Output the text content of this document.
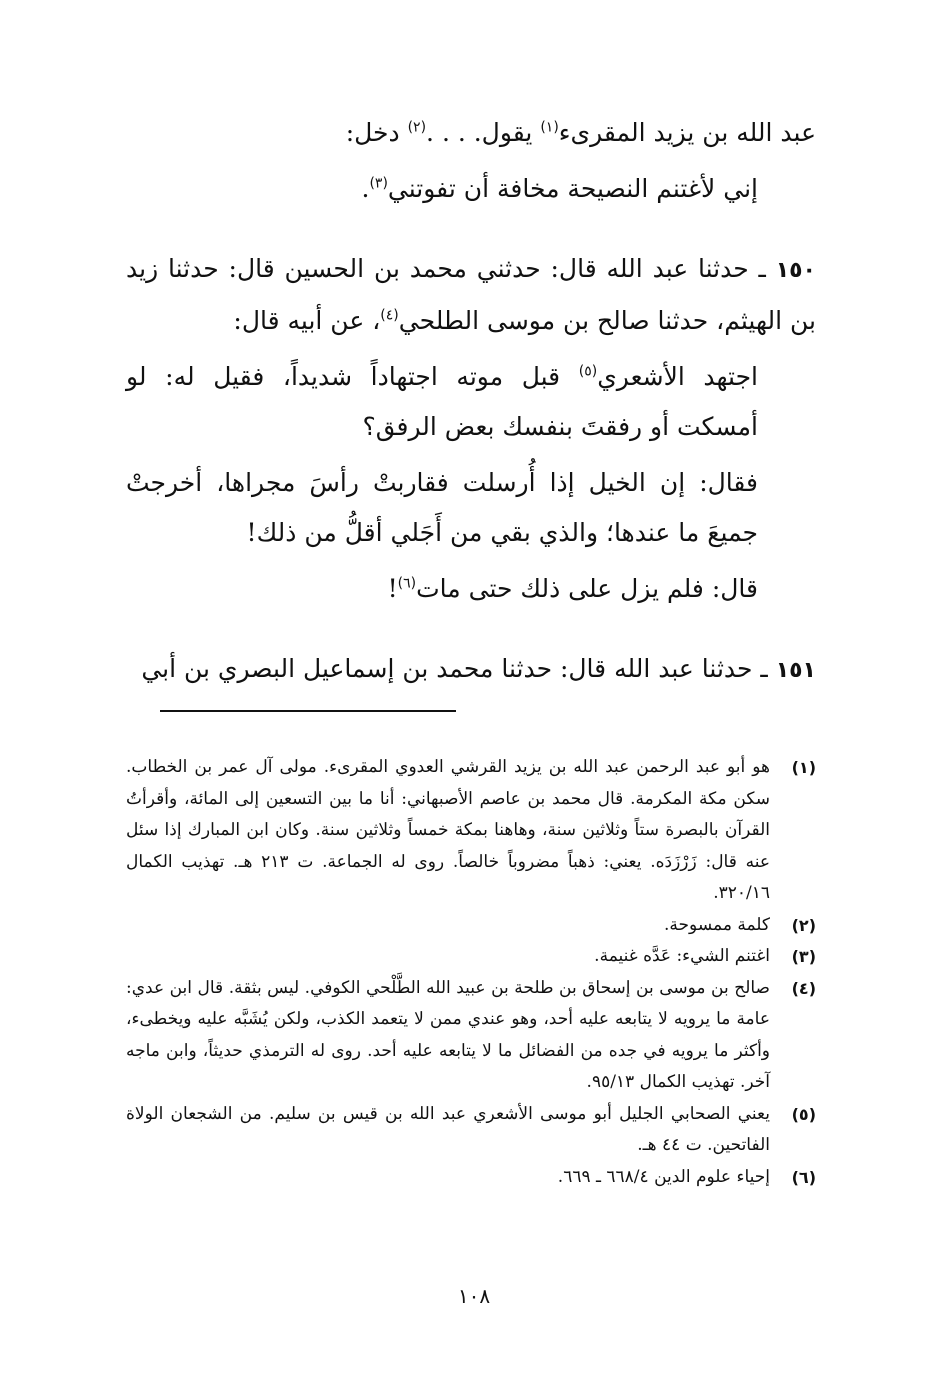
عبد الله بن يزيد المقرىء$^{(١)}$ يقول. . . .$^{(٢)}$ دخل:

إني لأغتنم النصيحة مخافة أن تفوتني$^{(٣)}$.

١٥٠ ـ حدثنا عبد الله قال: حدثني محمد بن الحسين قال: حدثنا زيد بن الهيثم، حدثنا صالح بن موسى الطلحي$^{(٤)}$، عن أبيه قال:

اجتهد الأشعري$^{(٥)}$ قبل موته اجتهاداً شديداً، فقيل له: لو أمسكت أو رفقتَ بنفسك بعض الرفق؟

فقال: إن الخيل إذا أُرسلت فقاربتْ رأسَ مجراها، أخرجتْ جميعَ ما عندها؛ والذي بقي من أَجَلي أقلُّ من ذلك!

قال: فلم يزل على ذلك حتى مات$^{(٦)}$!

١٥١ ـ حدثنا عبد الله قال: حدثنا محمد بن إسماعيل البصري بن أبي

(١)
هو أبو عبد الرحمن عبد الله بن يزيد القرشي العدوي المقرىء. مولى آل عمر بن الخطاب. سكن مكة المكرمة. قال محمد بن عاصم الأصبهاني: أنا ما بين التسعين إلى المائة، وأقرأتُ القرآن بالبصرة ستاً وثلاثين سنة، وهاهنا بمكة خمساً وثلاثين سنة. وكان ابن المبارك إذا سئل عنه قال: زَرْزَدَه. يعني: ذهباً مضروباً خالصاً. روى له الجماعة. ت ٢١٣ هـ. تهذيب الكمال ٣٢٠/١٦.
(٢)
كلمة ممسوحة.
(٣)
اغتنم الشيء: عَدَّه غنيمة.
(٤)
صالح بن موسى بن إسحاق بن طلحة بن عبيد الله الطَّلْحي الكوفي. ليس بثقة. قال ابن عدي: عامة ما يرويه لا يتابعه عليه أحد، وهو عندي ممن لا يتعمد الكذب، ولكن يُشَبَّه عليه ويخطىء، وأكثر ما يرويه في جده من الفضائل ما لا يتابعه عليه أحد. روى له الترمذي حديثاً، وابن ماجه آخر. تهذيب الكمال ٩٥/١٣.
(٥)
يعني الصحابي الجليل أبو موسى الأشعري عبد الله بن قيس بن سليم. من الشجعان الولاة الفاتحين. ت ٤٤ هـ.
(٦)
إحياء علوم الدين ٦٦٨/٤ ـ ٦٦٩.
١٠٨
